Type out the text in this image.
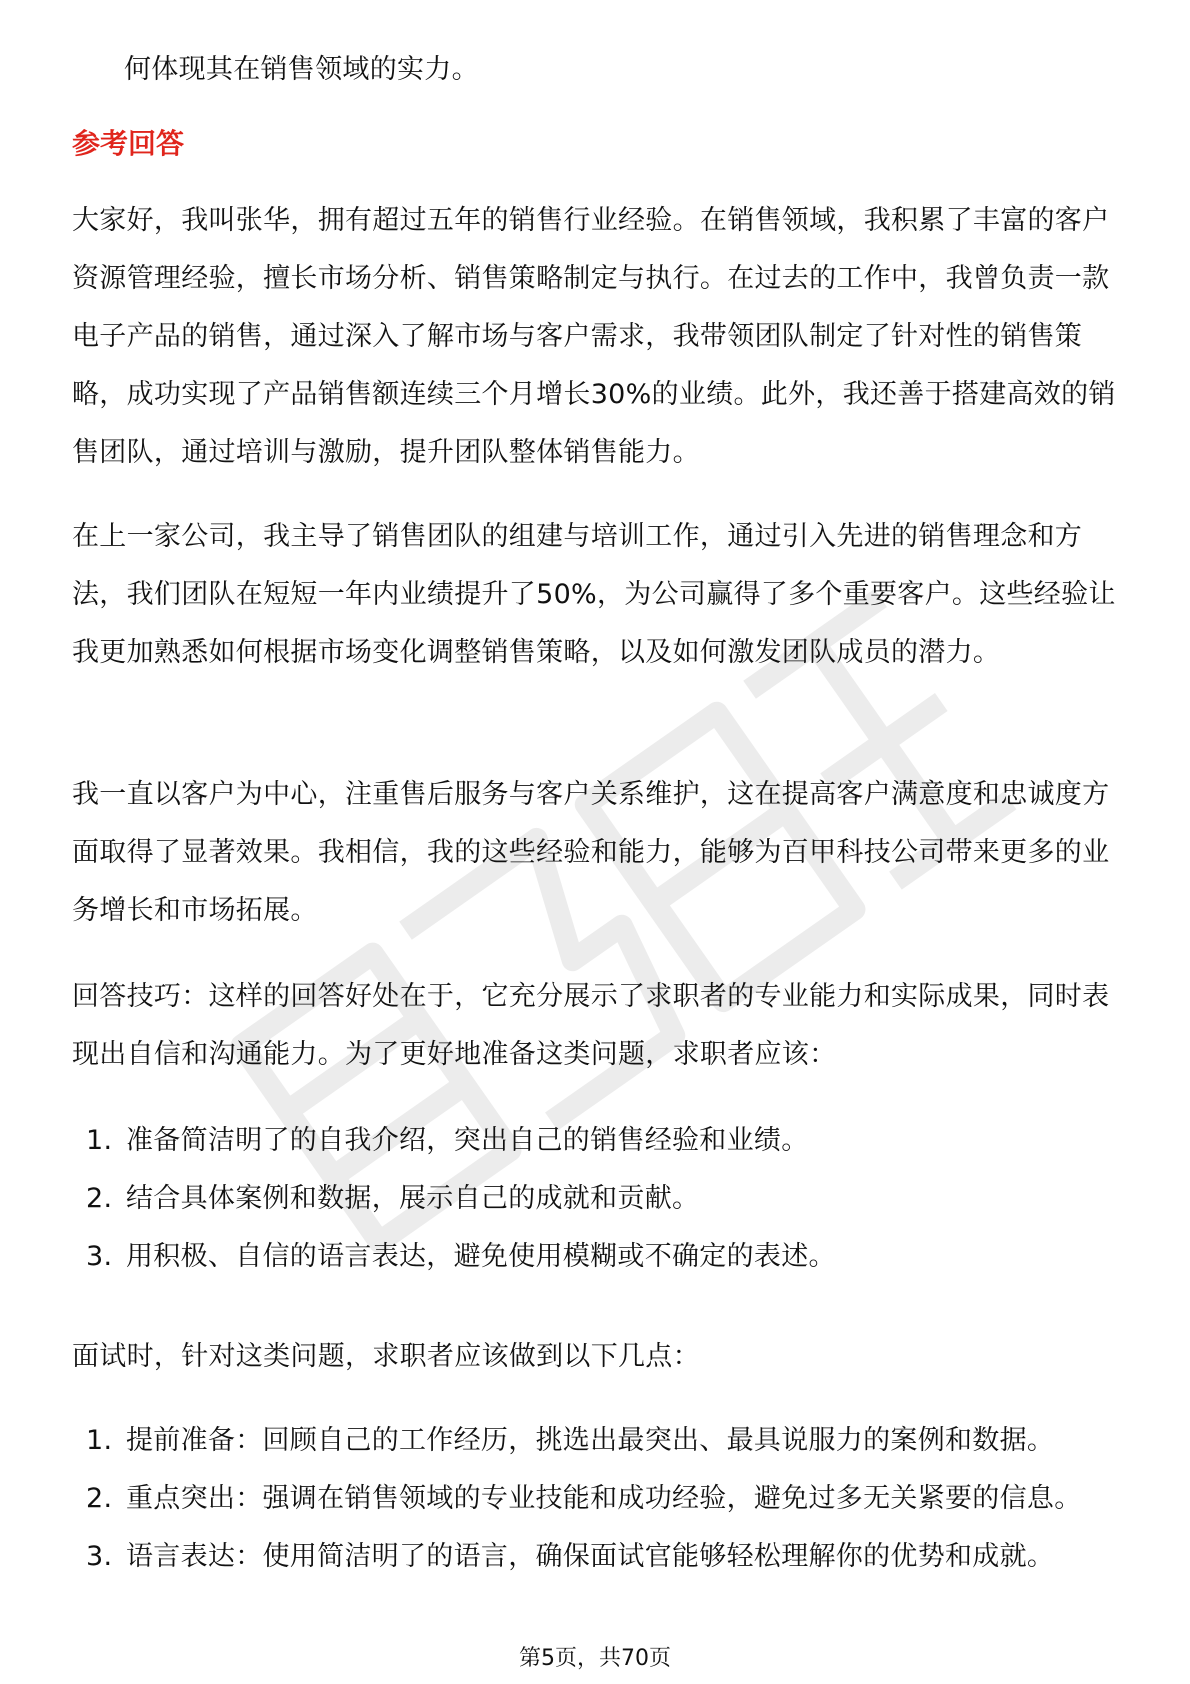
何体现其在销售领域的实力。
参考回答
大家好，我叫张华，拥有超过五年的销售行业经验。在销售领域，我积累了丰富的客户资源管理经验，擅长市场分析、销售策略制定与执行。在过去的工作中，我曾负责一款电子产品的销售，通过深入了解市场与客户需求，我带领团队制定了针对性的销售策略，成功实现了产品销售额连续三个月增长30%的业绩。此外，我还善于搭建高效的销售团队，通过培训与激励，提升团队整体销售能力。
在上一家公司，我主导了销售团队的组建与培训工作，通过引入先进的销售理念和方法，我们团队在短短一年内业绩提升了50%，为公司赢得了多个重要客户。这些经验让我更加熟悉如何根据市场变化调整销售策略，以及如何激发团队成员的潜力。
我一直以客户为中心，注重售后服务与客户关系维护，这在提高客户满意度和忠诚度方面取得了显著效果。我相信，我的这些经验和能力，能够为百甲科技公司带来更多的业务增长和市场拓展。
回答技巧：这样的回答好处在于，它充分展示了求职者的专业能力和实际成果，同时表现出自信和沟通能力。为了更好地准备这类问题，求职者应该：
1. 准备简洁明了的自我介绍，突出自己的销售经验和业绩。
2. 结合具体案例和数据，展示自己的成就和贡献。
3. 用积极、自信的语言表达，避免使用模糊或不确定的表述。
面试时，针对这类问题，求职者应该做到以下几点：
1. 提前准备：回顾自己的工作经历，挑选出最突出、最具说服力的案例和数据。
2. 重点突出：强调在销售领域的专业技能和成功经验，避免过多无关紧要的信息。
3. 语言表达：使用简洁明了的语言，确保面试官能够轻松理解你的优势和成就。
第5页，共70页
